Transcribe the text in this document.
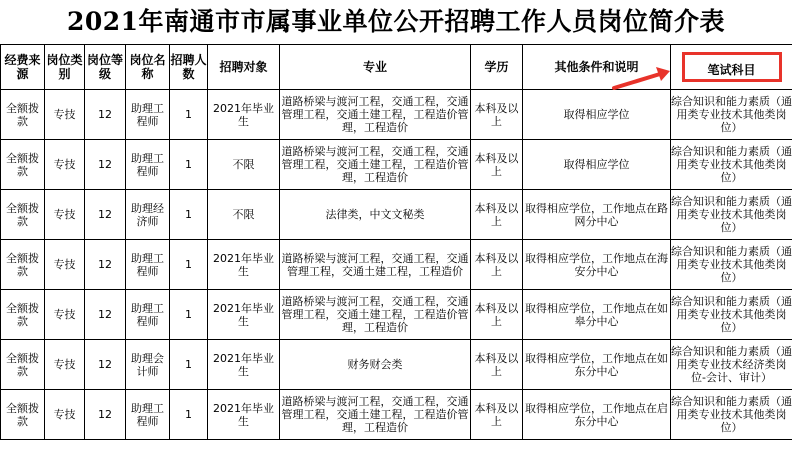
2021年南通市市属事业单位公开招聘工作人员岗位简介表
经费来源	岗位类别	岗位等级	岗位名称	招聘人数	招聘对象	专业	学历	其他条件和说明	笔试科目
全额拨款	专技	12	助理工程师	1	2021年毕业生	道路桥梁与渡河工程，交通工程，交通管理工程，交通土建工程，工程造价管理，工程造价	本科及以上	取得相应学位	综合知识和能力素质（通用类专业技术其他类岗位）
全额拨款	专技	12	助理工程师	1	不限	道路桥梁与渡河工程，交通工程，交通管理工程，交通土建工程，工程造价管理，工程造价	本科及以上	取得相应学位	综合知识和能力素质（通用类专业技术其他类岗位）
全额拨款	专技	12	助理经济师	1	不限	法律类，中文文秘类	本科及以上	取得相应学位，工作地点在路网分中心	综合知识和能力素质（通用类专业技术其他类岗位）
全额拨款	专技	12	助理工程师	1	2021年毕业生	道路桥梁与渡河工程，交通工程，交通管理工程，交通土建工程，工程造价	本科及以上	取得相应学位，工作地点在海安分中心	综合知识和能力素质（通用类专业技术其他类岗位）
全额拨款	专技	12	助理工程师	1	2021年毕业生	道路桥梁与渡河工程，交通工程，交通管理工程，交通土建工程，工程造价管理，工程造价	本科及以上	取得相应学位，工作地点在如皋分中心	综合知识和能力素质（通用类专业技术其他类岗位）
全额拨款	专技	12	助理会计师	1	2021年毕业生	财务财会类	本科及以上	取得相应学位，工作地点在如东分中心	综合知识和能力素质（通用类专业技术经济类岗位-会计、审计）
全额拨款	专技	12	助理工程师	1	2021年毕业生	道路桥梁与渡河工程，交通工程，交通管理工程，交通土建工程，工程造价管理，工程造价	本科及以上	取得相应学位，工作地点在启东分中心	综合知识和能力素质（通用类专业技术其他类岗位）
